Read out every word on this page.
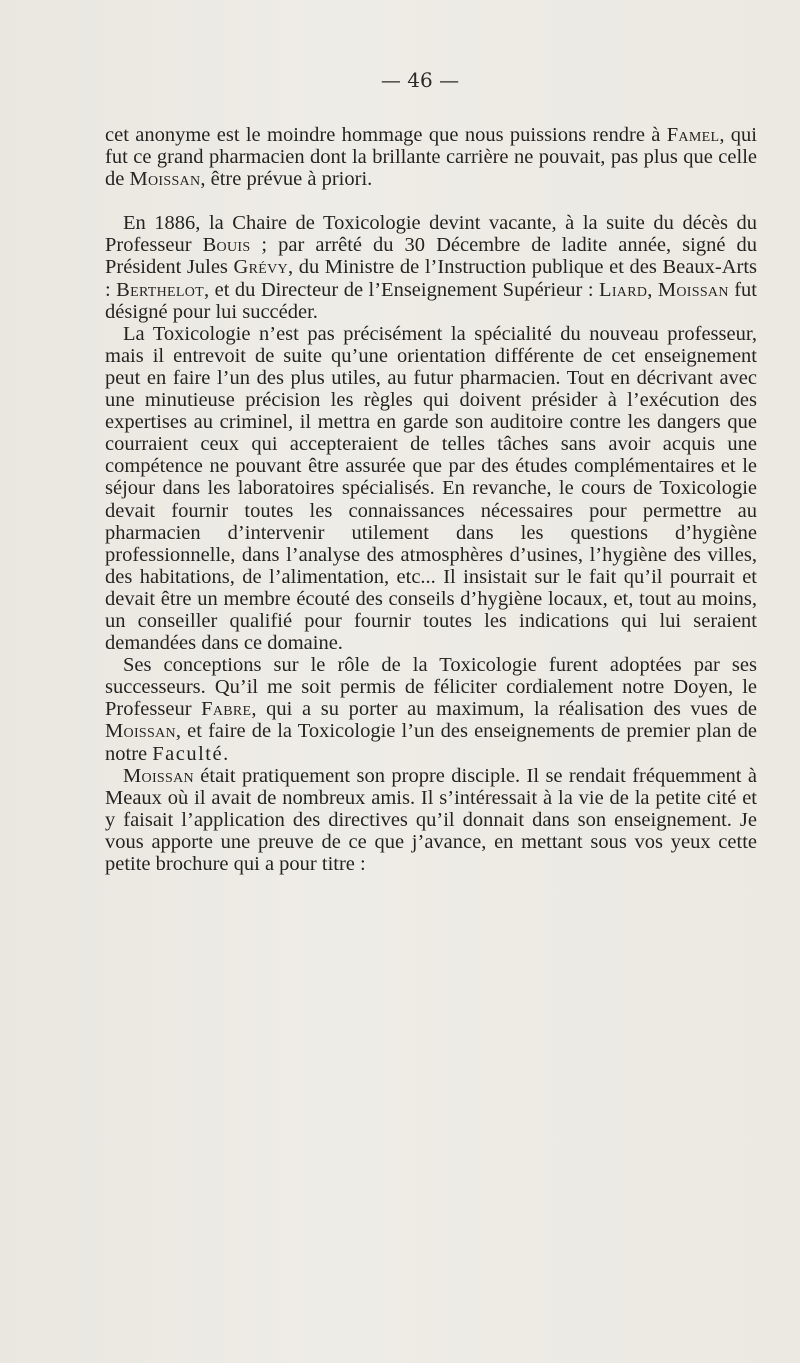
— 46 —

cet anonyme est le moindre hommage que nous puissions rendre à Famel, qui fut ce grand pharmacien dont la brillante carrière ne pouvait, pas plus que celle de Moissan, être prévue à priori.

En 1886, la Chaire de Toxicologie devint vacante, à la suite du décès du Professeur Bouis ; par arrêté du 30 Décembre de ladite année, signé du Président Jules Grévy, du Ministre de l’Instruction publique et des Beaux-Arts : Berthelot, et du Directeur de l’Enseignement Supérieur : Liard, Moissan fut désigné pour lui succéder.

La Toxicologie n’est pas précisément la spécialité du nouveau professeur, mais il entrevoit de suite qu’une orientation différente de cet enseignement peut en faire l’un des plus utiles, au futur pharmacien. Tout en décrivant avec une minutieuse précision les règles qui doivent présider à l’exécution des expertises au criminel, il mettra en garde son auditoire contre les dangers que courraient ceux qui accepteraient de telles tâches sans avoir acquis une compétence ne pouvant être assurée que par des études complémentaires et le séjour dans les laboratoires spécialisés. En revanche, le cours de Toxicologie devait fournir toutes les connaissances nécessaires pour permettre au pharmacien d’intervenir utilement dans les questions d’hygiène professionnelle, dans l’analyse des atmosphères d’usines, l’hygiène des villes, des habitations, de l’alimentation, etc... Il insistait sur le fait qu’il pourrait et devait être un membre écouté des conseils d’hygiène locaux, et, tout au moins, un conseiller qualifié pour fournir toutes les indications qui lui seraient demandées dans ce domaine.

Ses conceptions sur le rôle de la Toxicologie furent adoptées par ses successeurs. Qu’il me soit permis de féliciter cordialement notre Doyen, le Professeur Fabre, qui a su porter au maximum, la réalisation des vues de Moissan, et faire de la Toxicologie l’un des enseignements de premier plan de notre Faculté.

Moissan était pratiquement son propre disciple. Il se rendait fréquemment à Meaux où il avait de nombreux amis. Il s’intéressait à la vie de la petite cité et y faisait l’application des directives qu’il donnait dans son enseignement. Je vous apporte une preuve de ce que j’avance, en mettant sous vos yeux cette petite brochure qui a pour titre :
